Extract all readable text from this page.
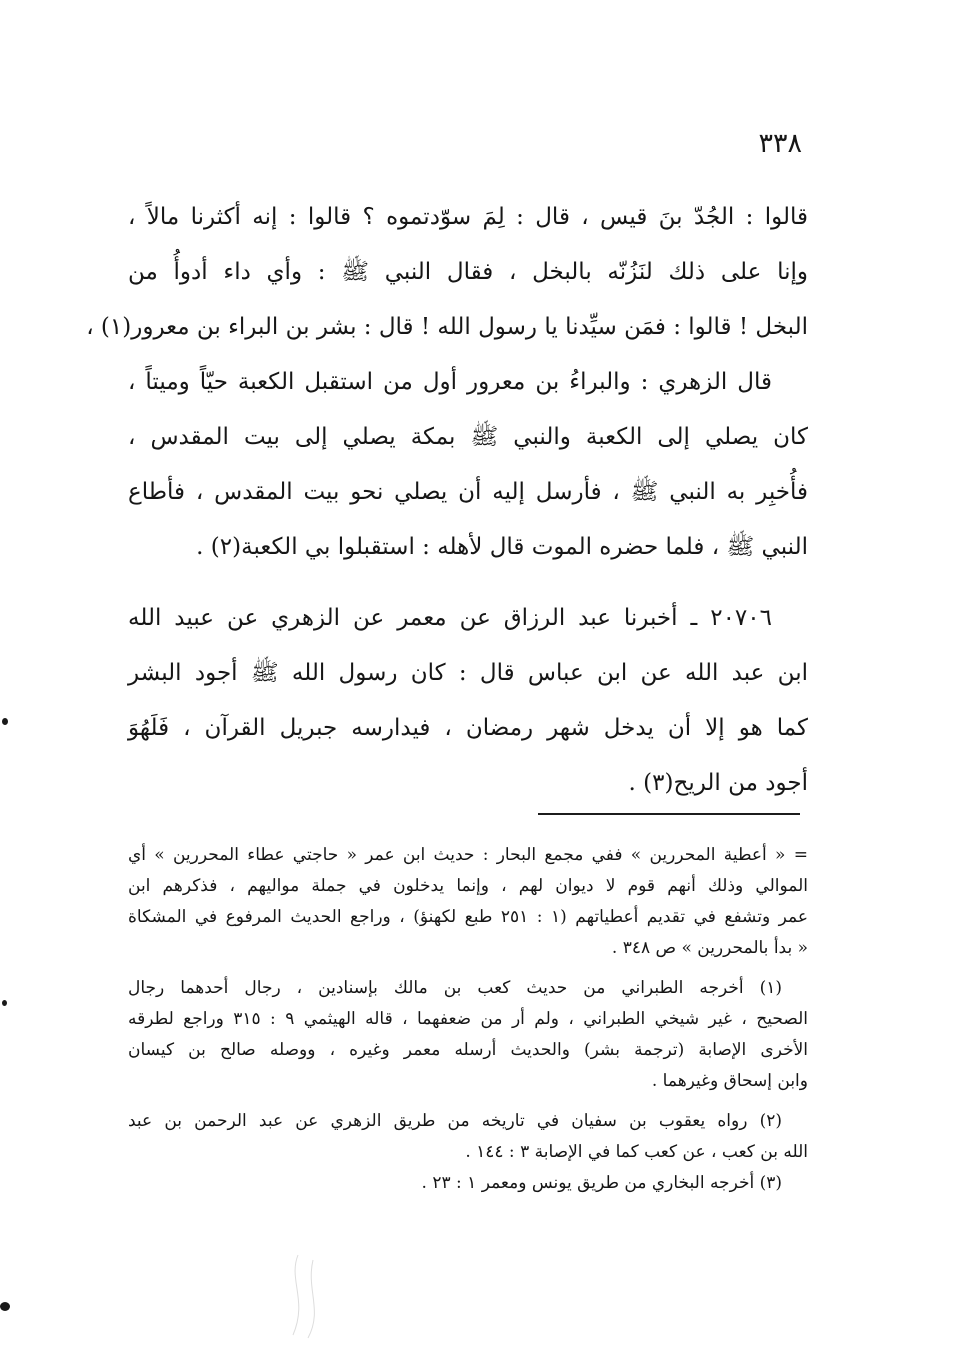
٣٣٨
قالوا : الجُدّ بنَ قيس ، قال : لِمَ سوّدتموه ؟ قالوا : إنه أكثرنا مالاً ،
وإنا على ذلك لنَزُنّه بالبخل ، فقال النبي ﷺ : وأي داء أدوأُ من
البخل ! قالوا : فمَن سيِّدنا يا رسول الله ! قال : بشر بن البراء بن معرور(١) ،
قال الزهري : والبراءُ بن معرور أول من استقبل الكعبة حيّاً وميتاً ،
كان يصلي إلى الكعبة والنبي ﷺ بمكة يصلي إلى بيت المقدس ،
فأُخبِر به النبي ﷺ ، فأرسل إليه أن يصلي نحو بيت المقدس ، فأطاع
النبي ﷺ ، فلما حضره الموت قال لأهله : استقبلوا بي الكعبة(٢) .
٢٠٧٠٦ ـ أخبرنا عبد الرزاق عن معمر عن الزهري عن عبيد الله
ابن عبد الله عن ابن عباس قال : كان رسول الله ﷺ أجود البشر
كما هو إلا أن يدخل شهر رمضان ، فيدارسه جبريل القرآن ، فَلَهُوَ
أجود من الريح(٣) .
= « أعطية المحررين » ففي مجمع البحار : حديث ابن عمر « حاجتي عطاء المحررين » أي
الموالي وذلك أنهم قوم لا ديوان لهم ، وإنما يدخلون في جملة مواليهم ، فذكرهم ابن
عمر وتشفع في تقديم أعطياتهم (١ : ٢٥١ طبع لكهنؤ) ، وراجع الحديث المرفوع في المشكاة
« بدأ بالمحررين » ص ٣٤٨ .
(١) أخرجه الطبراني من حديث كعب بن مالك بإسنادين ، رجال أحدهما رجال
الصحيح ، غير شيخي الطبراني ، ولم أر من ضعفهما ، قاله الهيثمي ٩ : ٣١٥ وراجع لطرقه
الأخرى الإصابة (ترجمة بشر) والحديث أرسله معمر وغيره ، ووصله صالح بن كيسان
وابن إسحاق وغيرهما .
(٢) رواه يعقوب بن سفيان في تاريخه من طريق الزهري عن عبد الرحمن بن عبد
الله بن كعب ، عن كعب كما في الإصابة ٣ : ١٤٤ .
(٣) أخرجه البخاري من طريق يونس ومعمر ١ : ٢٣ .
